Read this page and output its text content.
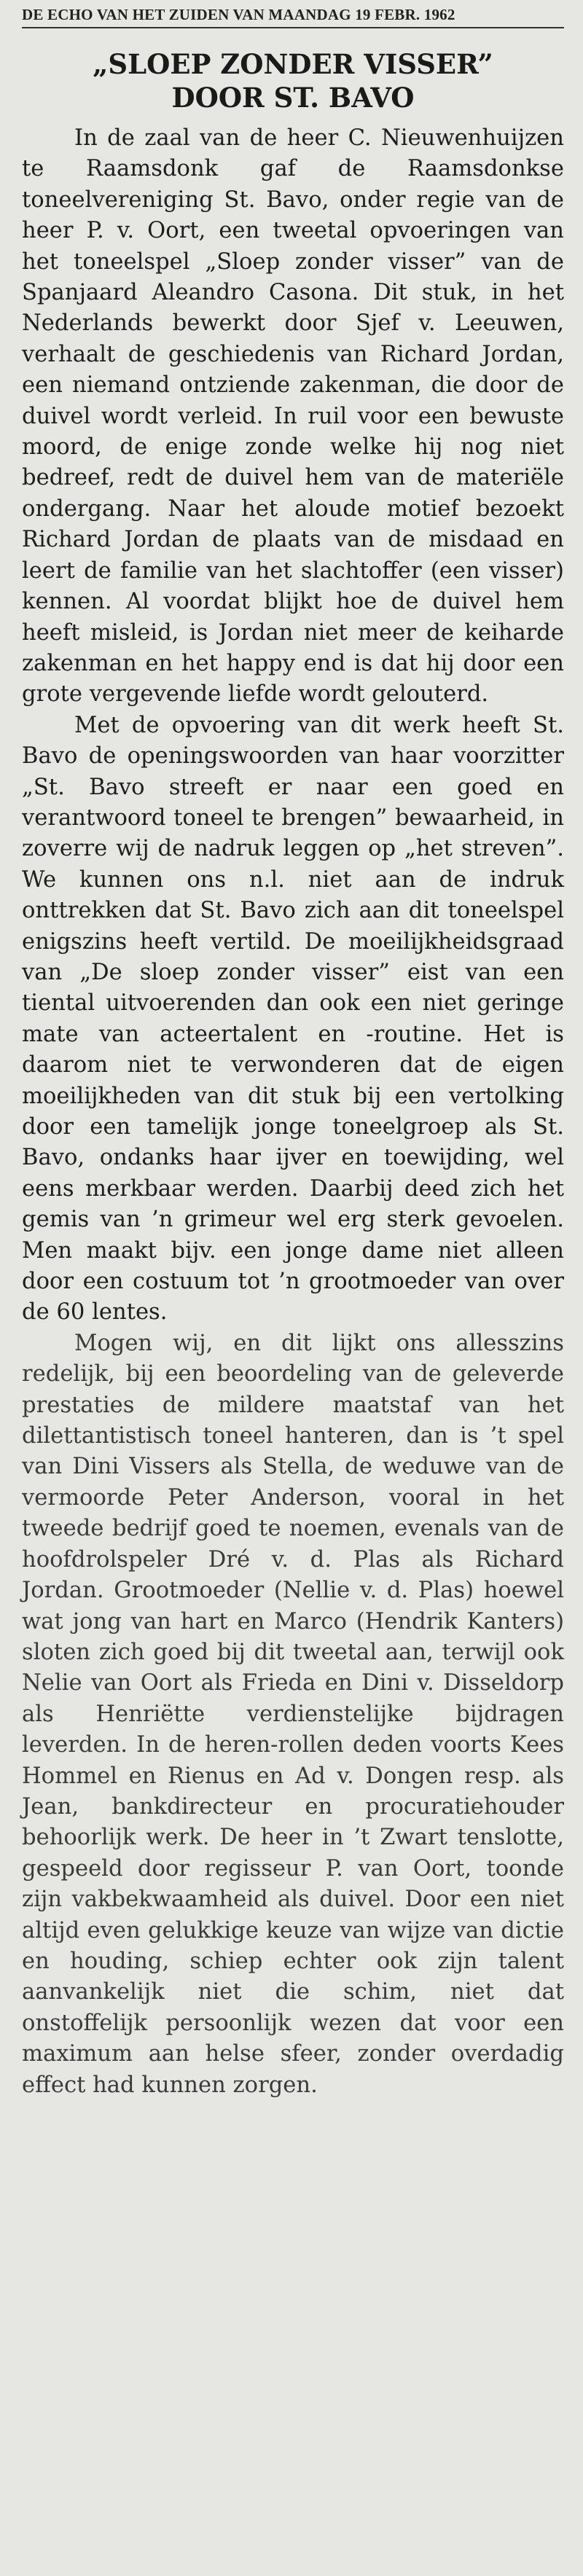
DE ECHO VAN HET ZUIDEN VAN MAANDAG 19 FEBR. 1962
„SLOEP ZONDER VISSER”
DOOR ST. BAVO

In de zaal van de heer C. Nieuwenhuijzen te Raamsdonk gaf de Raamsdonkse toneelvereniging St. Bavo, onder regie van de heer P. v. Oort, een tweetal opvoeringen van het toneelspel „Sloep zonder visser” van de Spanjaard Aleandro Casona. Dit stuk, in het Nederlands bewerkt door Sjef v. Leeuwen, verhaalt de geschiedenis van Richard Jordan, een niemand ontziende zakenman, die door de duivel wordt verleid. In ruil voor een bewuste moord, de enige zonde welke hij nog niet bedreef, redt de duivel hem van de materiële ondergang. Naar het aloude motief bezoekt Richard Jordan de plaats van de misdaad en leert de familie van het slachtoffer (een visser) kennen. Al voordat blijkt hoe de duivel hem heeft misleid, is Jordan niet meer de keiharde zakenman en het happy end is dat hij door een grote vergevende liefde wordt gelouterd.

Met de opvoering van dit werk heeft St. Bavo de openingswoorden van haar voorzitter „St. Bavo streeft er naar een goed en verantwoord toneel te brengen” bewaarheid, in zoverre wij de nadruk leggen op „het streven”. We kunnen ons n.l. niet aan de indruk onttrekken dat St. Bavo zich aan dit toneelspel enigszins heeft vertild. De moeilijkheidsgraad van „De sloep zonder visser” eist van een tiental uitvoerenden dan ook een niet geringe mate van acteertalent en -routine. Het is daarom niet te verwonderen dat de eigen moeilijkheden van dit stuk bij een vertolking door een tamelijk jonge toneelgroep als St. Bavo, ondanks haar ijver en toewijding, wel eens merkbaar werden. Daarbij deed zich het gemis van ’n grimeur wel erg sterk gevoelen. Men maakt bijv. een jonge dame niet alleen door een costuum tot ’n grootmoeder van over de 60 lentes.

Mogen wij, en dit lijkt ons allesszins redelijk, bij een beoordeling van de geleverde prestaties de mildere maatstaf van het dilettantistisch toneel hanteren, dan is ’t spel van Dini Vissers als Stella, de weduwe van de vermoorde Peter Anderson, vooral in het tweede bedrijf goed te noemen, evenals van de hoofdrolspeler Dré v. d. Plas als Richard Jordan. Grootmoeder (Nellie v. d. Plas) hoewel wat jong van hart en Marco (Hendrik Kanters) sloten zich goed bij dit tweetal aan, terwijl ook Nelie van Oort als Frieda en Dini v. Disseldorp als Henriëtte verdienstelijke bijdragen leverden. In de heren-rollen deden voorts Kees Hommel en Rienus en Ad v. Dongen resp. als Jean, bankdirecteur en procuratiehouder behoorlijk werk. De heer in ’t Zwart tenslotte, gespeeld door regisseur P. van Oort, toonde zijn vakbekwaamheid als duivel. Door een niet altijd even gelukkige keuze van wijze van dictie en houding, schiep echter ook zijn talent aanvankelijk niet die schim, niet dat onstoffelijk persoonlijk wezen dat voor een maximum aan helse sfeer, zonder overdadig effect had kunnen zorgen.
